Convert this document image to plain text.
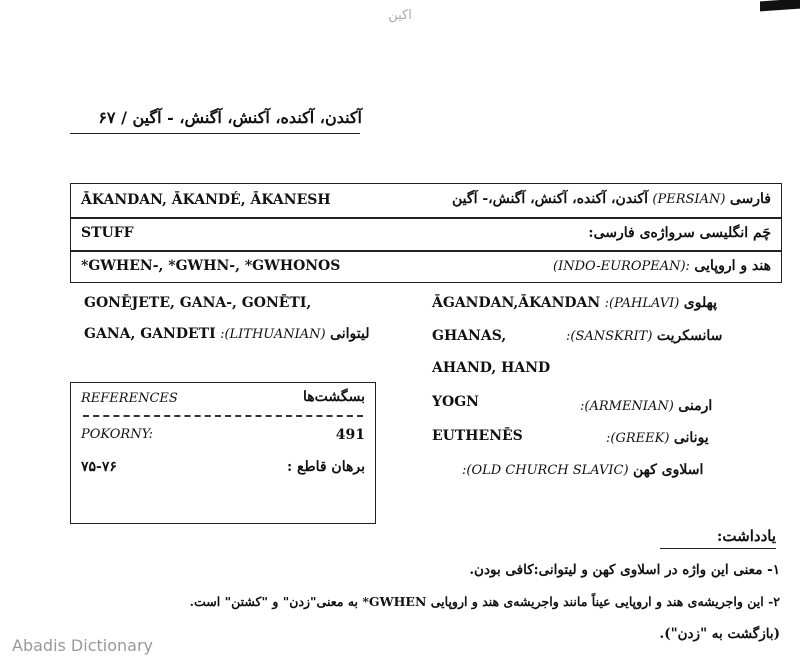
اکین
آکندن، آکنده، آکنش، آگنش، - آگین / ۶۷
ĀKANDAN, ĀKANDÉ, ĀKANESH	فارسی (PERSIAN) آکندن، آکنده، آکنش، آگنش،- آگین
STUFF	چَم انگلیسی سرواژه‌ی فارسی:
*GWHEN-, *GWHN-, *GWHONOS	هند و اروپایی :(INDO-EUROPEAN)
GONĒJETE, GANA-, GONĒTI,
GANA, GANDETI :(LITHUANIAN) لیتوانی
ĀGANDAN,ĀKANDAN :(PAHLAVI) پهلوی
GHANAS,	:(SANSKRIT) سانسکریت
AHAND, HAND
YOGN	:(ARMENIAN) ارمنی
EUTHENĒS	:(GREEK) یونانی
:(OLD CHURCH SLAVIC) اسلاوی کهن
REFERENCES	بسگشت‌ها
POKORNY:	491
۷۵-۷۶	برهان قاطع :
یادداشت:
۱- معنی این واژه در اسلاوی کهن و لیتوانی:کافی بودن.
۲- این واجریشه‌ی هند و اروپایی عیناً مانند واجریشه‌ی هند و اروپایی GWHEN* به معنی"زدن" و "کشتن" است.
(بازگشت به "زدن").
Abadis Dictionary
